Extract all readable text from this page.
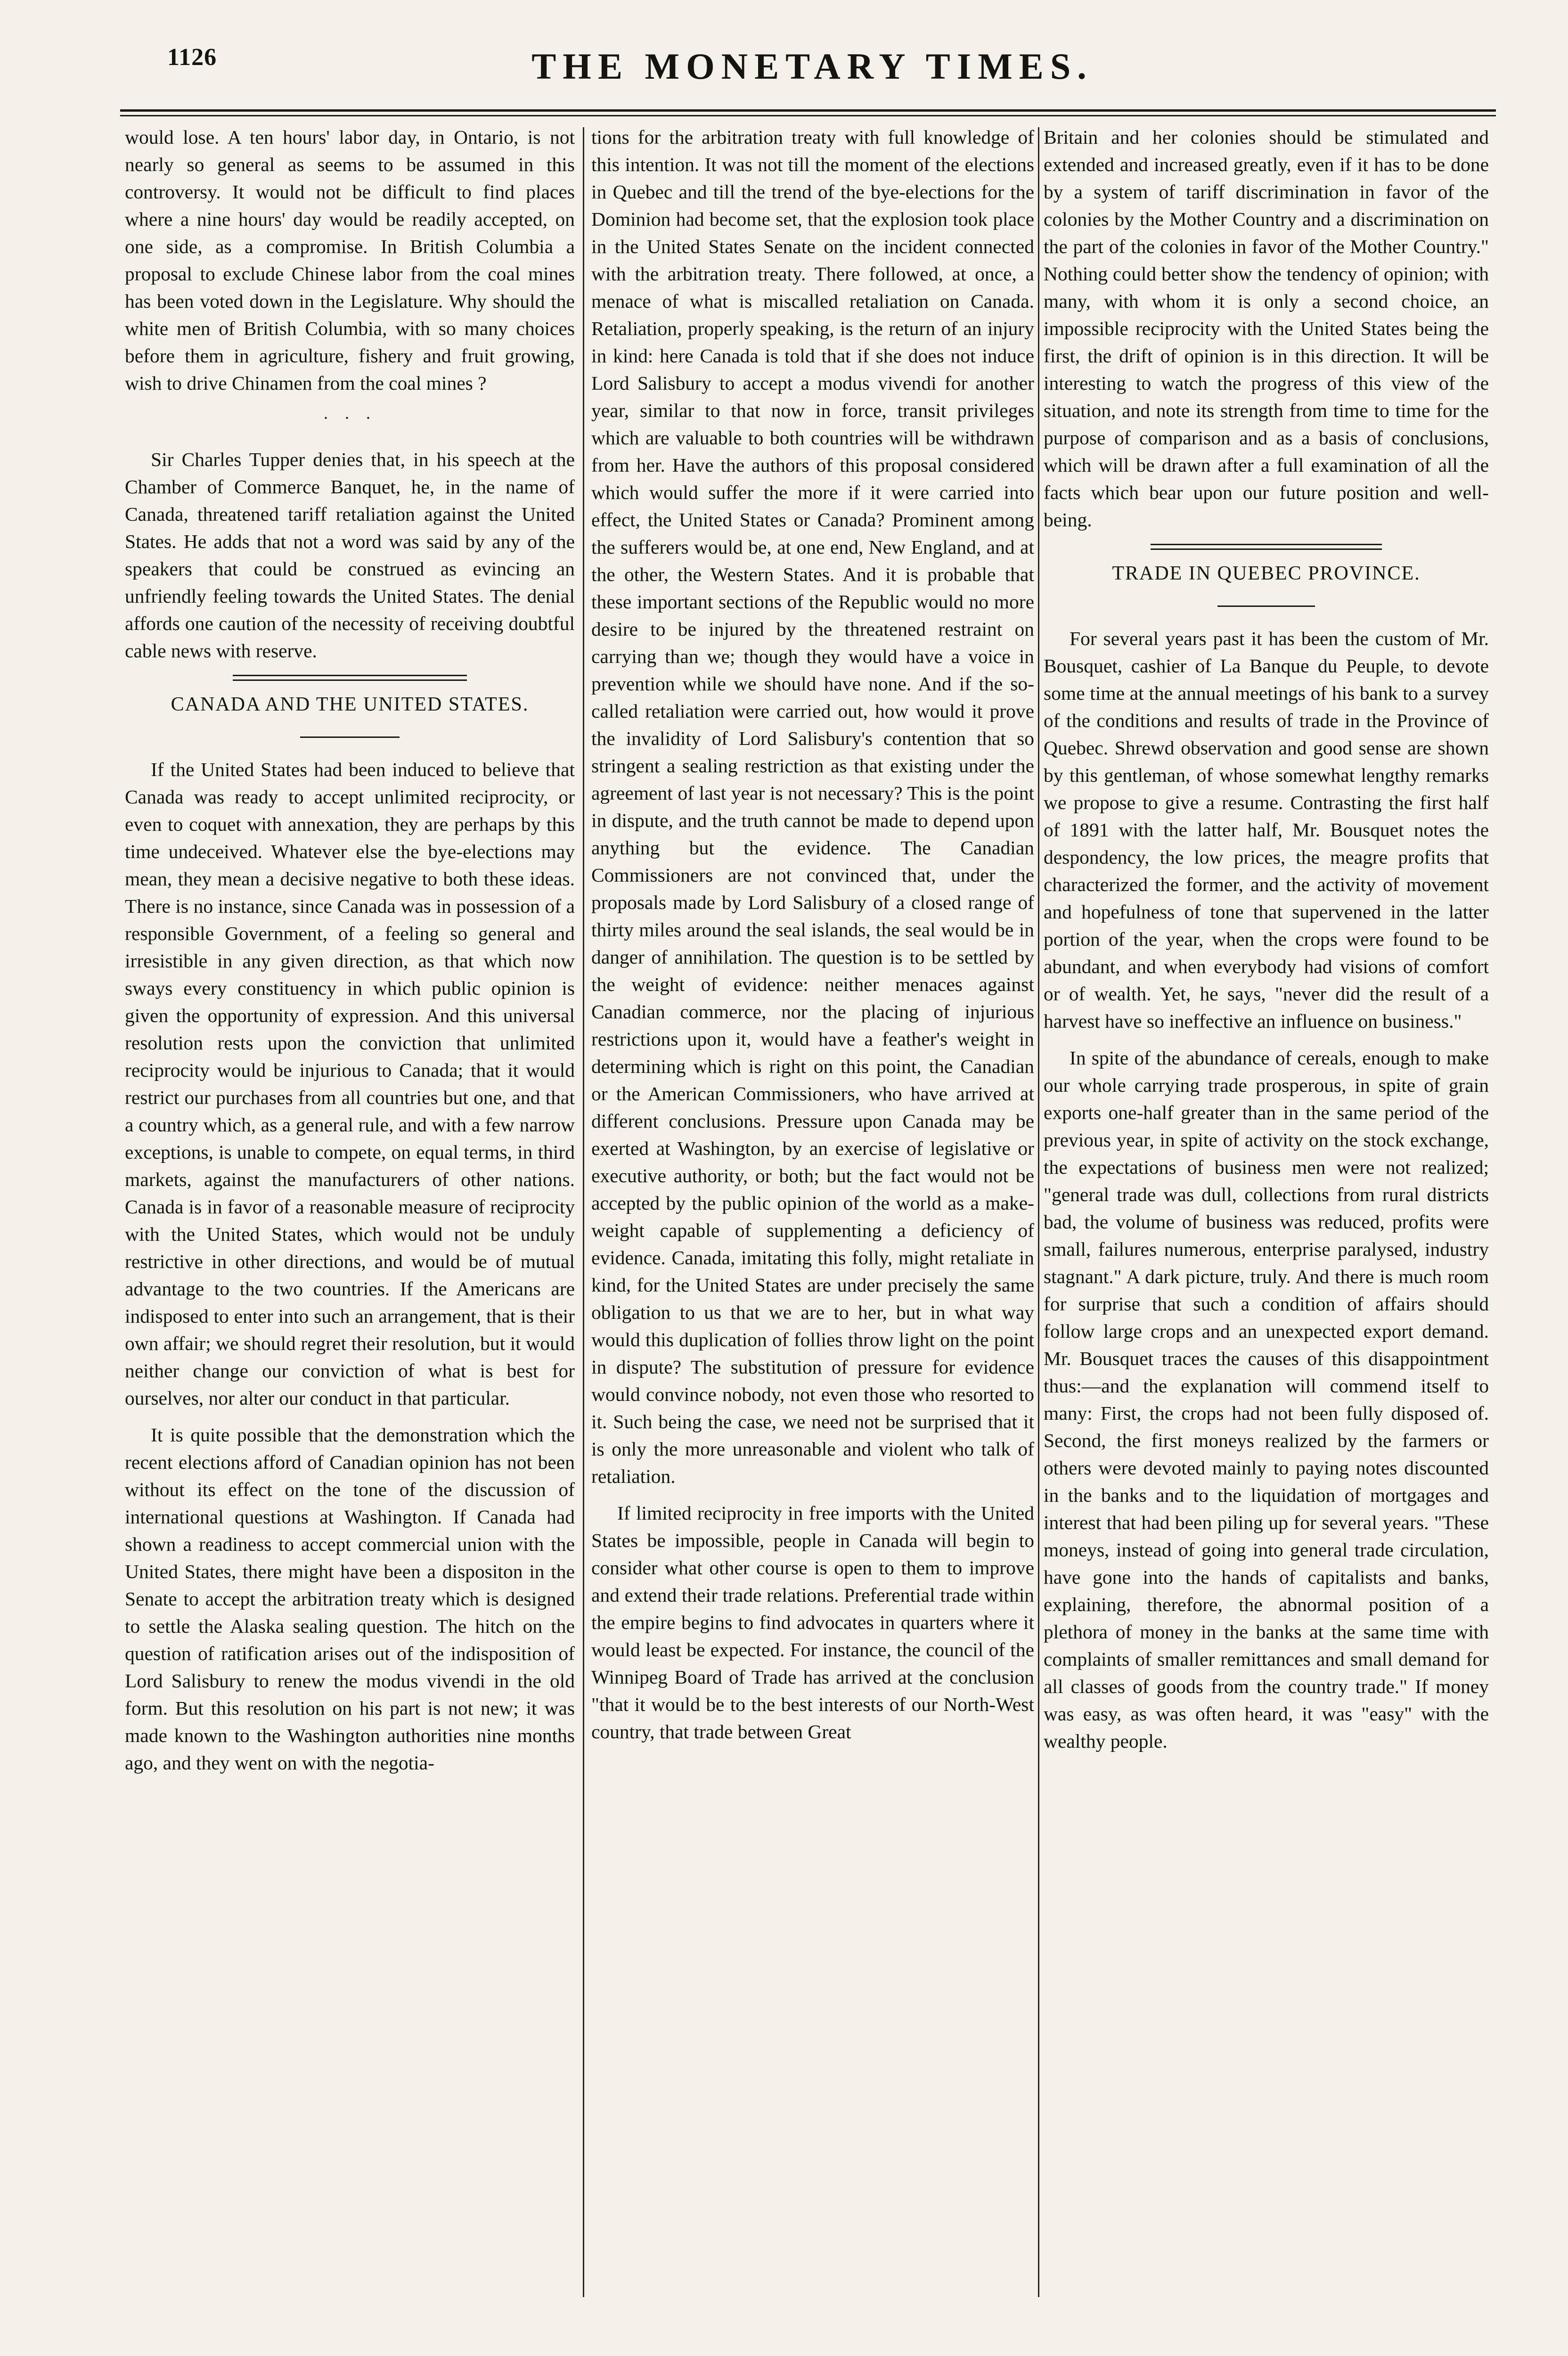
1126	THE MONETARY TIMES.

would lose. A ten hours' labor day, in Ontario, is not nearly so general as seems to be assumed in this controversy. It would not be difficult to find places where a nine hours' day would be readily accepted, on one side, as a compromise. In British Columbia a proposal to exclude Chinese labor from the coal mines has been voted down in the Legislature. Why should the white men of British Columbia, with so many choices before them in agriculture, fishery and fruit growing, wish to drive Chinamen from the coal mines ?

· · ·

Sir Charles Tupper denies that, in his speech at the Chamber of Commerce Banquet, he, in the name of Canada, threatened tariff retaliation against the United States. He adds that not a word was said by any of the speakers that could be construed as evincing an unfriendly feeling towards the United States. The denial affords one caution of the necessity of receiving doubtful cable news with reserve.

CANADA AND THE UNITED STATES.

If the United States had been induced to believe that Canada was ready to accept unlimited reciprocity, or even to coquet with annexation, they are perhaps by this time undeceived. Whatever else the bye-elections may mean, they mean a decisive negative to both these ideas. There is no instance, since Canada was in possession of a responsible Government, of a feeling so general and irresistible in any given direction, as that which now sways every constituency in which public opinion is given the opportunity of expression. And this universal resolution rests upon the conviction that unlimited reciprocity would be injurious to Canada; that it would restrict our purchases from all countries but one, and that a country which, as a general rule, and with a few narrow exceptions, is unable to compete, on equal terms, in third markets, against the manufacturers of other nations. Canada is in favor of a reasonable measure of reciprocity with the United States, which would not be unduly restrictive in other directions, and would be of mutual advantage to the two countries. If the Americans are indisposed to enter into such an arrangement, that is their own affair; we should regret their resolution, but it would neither change our conviction of what is best for ourselves, nor alter our conduct in that particular.

It is quite possible that the demonstration which the recent elections afford of Canadian opinion has not been without its effect on the tone of the discussion of international questions at Washington. If Canada had shown a readiness to accept commercial union with the United States, there might have been a dispositon in the Senate to accept the arbitration treaty which is designed to settle the Alaska sealing question. The hitch on the question of ratification arises out of the indisposition of Lord Salisbury to renew the modus vivendi in the old form. But this resolution on his part is not new; it was made known to the Washington authorities nine months ago, and they went on with the negotia-

tions for the arbitration treaty with full knowledge of this intention. It was not till the moment of the elections in Quebec and till the trend of the bye-elections for the Dominion had become set, that the explosion took place in the United States Senate on the incident connected with the arbitration treaty. There followed, at once, a menace of what is miscalled retaliation on Canada. Retaliation, properly speaking, is the return of an injury in kind: here Canada is told that if she does not induce Lord Salisbury to accept a modus vivendi for another year, similar to that now in force, transit privileges which are valuable to both countries will be withdrawn from her. Have the authors of this proposal considered which would suffer the more if it were carried into effect, the United States or Canada? Prominent among the sufferers would be, at one end, New England, and at the other, the Western States. And it is probable that these important sections of the Republic would no more desire to be injured by the threatened restraint on carrying than we; though they would have a voice in prevention while we should have none. And if the so-called retaliation were carried out, how would it prove the invalidity of Lord Salisbury's contention that so stringent a sealing restriction as that existing under the agreement of last year is not necessary? This is the point in dispute, and the truth cannot be made to depend upon anything but the evidence. The Canadian Commissioners are not convinced that, under the proposals made by Lord Salisbury of a closed range of thirty miles around the seal islands, the seal would be in danger of annihilation. The question is to be settled by the weight of evidence: neither menaces against Canadian commerce, nor the placing of injurious restrictions upon it, would have a feather's weight in determining which is right on this point, the Canadian or the American Commissioners, who have arrived at different conclusions. Pressure upon Canada may be exerted at Washington, by an exercise of legislative or executive authority, or both; but the fact would not be accepted by the public opinion of the world as a make-weight capable of supplementing a deficiency of evidence. Canada, imitating this folly, might retaliate in kind, for the United States are under precisely the same obligation to us that we are to her, but in what way would this duplication of follies throw light on the point in dispute? The substitution of pressure for evidence would convince nobody, not even those who resorted to it. Such being the case, we need not be surprised that it is only the more unreasonable and violent who talk of retaliation.

If limited reciprocity in free imports with the United States be impossible, people in Canada will begin to consider what other course is open to them to improve and extend their trade relations. Preferential trade within the empire begins to find advocates in quarters where it would least be expected. For instance, the council of the Winnipeg Board of Trade has arrived at the conclusion "that it would be to the best interests of our North-West country, that trade between Great

Britain and her colonies should be stimulated and extended and increased greatly, even if it has to be done by a system of tariff discrimination in favor of the colonies by the Mother Country and a discrimination on the part of the colonies in favor of the Mother Country." Nothing could better show the tendency of opinion; with many, with whom it is only a second choice, an impossible reciprocity with the United States being the first, the drift of opinion is in this direction. It will be interesting to watch the progress of this view of the situation, and note its strength from time to time for the purpose of comparison and as a basis of conclusions, which will be drawn after a full examination of all the facts which bear upon our future position and well-being.

TRADE IN QUEBEC PROVINCE.

For several years past it has been the custom of Mr. Bousquet, cashier of La Banque du Peuple, to devote some time at the annual meetings of his bank to a survey of the conditions and results of trade in the Province of Quebec. Shrewd observation and good sense are shown by this gentleman, of whose somewhat lengthy remarks we propose to give a resume. Contrasting the first half of 1891 with the latter half, Mr. Bousquet notes the despondency, the low prices, the meagre profits that characterized the former, and the activity of movement and hopefulness of tone that supervened in the latter portion of the year, when the crops were found to be abundant, and when everybody had visions of comfort or of wealth. Yet, he says, "never did the result of a harvest have so ineffective an influence on business."

In spite of the abundance of cereals, enough to make our whole carrying trade prosperous, in spite of grain exports one-half greater than in the same period of the previous year, in spite of activity on the stock exchange, the expectations of business men were not realized; "general trade was dull, collections from rural districts bad, the volume of business was reduced, profits were small, failures numerous, enterprise paralysed, industry stagnant." A dark picture, truly. And there is much room for surprise that such a condition of affairs should follow large crops and an unexpected export demand. Mr. Bousquet traces the causes of this disappointment thus:—and the explanation will commend itself to many: First, the crops had not been fully disposed of. Second, the first moneys realized by the farmers or others were devoted mainly to paying notes discounted in the banks and to the liquidation of mortgages and interest that had been piling up for several years. "These moneys, instead of going into general trade circulation, have gone into the hands of capitalists and banks, explaining, therefore, the abnormal position of a plethora of money in the banks at the same time with complaints of smaller remittances and small demand for all classes of goods from the country trade." If money was easy, as was often heard, it was "easy" with the wealthy people.
